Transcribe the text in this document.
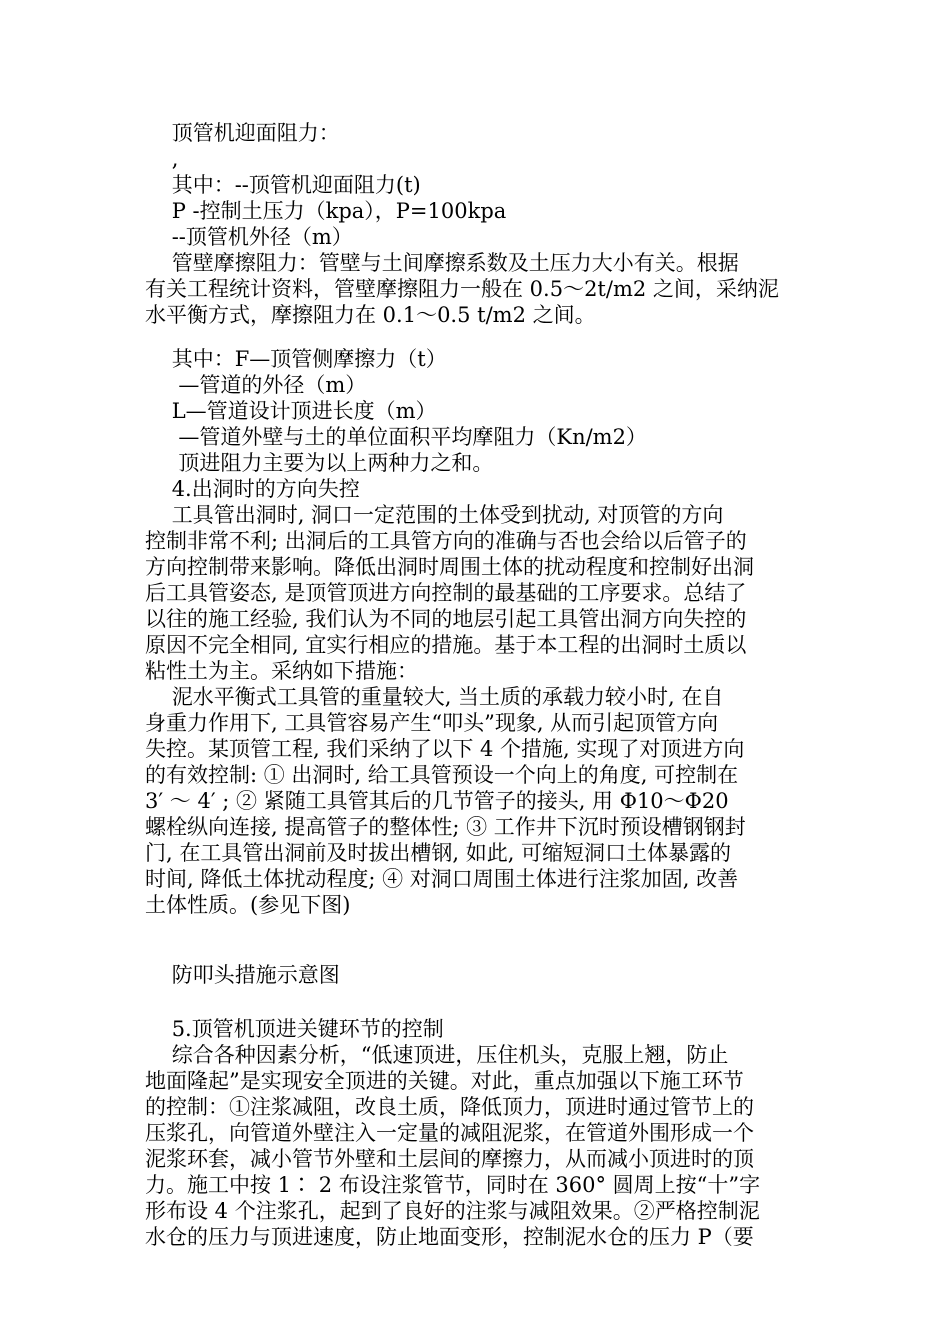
顶管机迎面阻力：
,
其中：--顶管机迎面阻力(t)
P -控制土压力（kpa），P=100kpa
--顶管机外径（m）
管壁摩擦阻力：管壁与土间摩擦系数及土压力大小有关。根据
有关工程统计资料，管壁摩擦阻力一般在 0.5～2t/m2 之间，采纳泥
水平衡方式，摩擦阻力在 0.1～0.5 t/m2 之间。
其中：F—顶管侧摩擦力（t）
—管道的外径（m）
L—管道设计顶进长度（m）
—管道外壁与土的单位面积平均摩阻力（Kn/m2）
顶进阻力主要为以上两种力之和。
4.出洞时的方向失控
工具管出洞时, 洞口一定范围的土体受到扰动, 对顶管的方向
控制非常不利; 出洞后的工具管方向的准确与否也会给以后管子的
方向控制带来影响。降低出洞时周围土体的扰动程度和控制好出洞
后工具管姿态, 是顶管顶进方向控制的最基础的工序要求。总结了
以往的施工经验, 我们认为不同的地层引起工具管出洞方向失控的
原因不完全相同, 宜实行相应的措施。基于本工程的出洞时土质以
粘性土为主。采纳如下措施：
泥水平衡式工具管的重量较大, 当土质的承载力较小时, 在自
身重力作用下, 工具管容易产生“叩头”现象, 从而引起顶管方向
失控。某顶管工程, 我们采纳了以下 4 个措施, 实现了对顶进方向
的有效控制: ① 出洞时, 给工具管预设一个向上的角度, 可控制在
3′ ～ 4′ ; ② 紧随工具管其后的几节管子的接头, 用 Φ10～Φ20
螺栓纵向连接, 提高管子的整体性; ③ 工作井下沉时预设槽钢钢封
门, 在工具管出洞前及时拔出槽钢, 如此, 可缩短洞口土体暴露的
时间, 降低土体扰动程度; ④ 对洞口周围土体进行注浆加固, 改善
土体性质。(参见下图)
防叩头措施示意图
5.顶管机顶进关键环节的控制
综合各种因素分析，“低速顶进，压住机头，克服上翘，防止
地面隆起”是实现安全顶进的关键。对此，重点加强以下施工环节
的控制：①注浆减阻，改良土质，降低顶力，顶进时通过管节上的
压浆孔，向管道外壁注入一定量的减阻泥浆，在管道外围形成一个
泥浆环套，减小管节外壁和土层间的摩擦力，从而减小顶进时的顶
力。施工中按 1∶ 2 布设注浆管节，同时在 360° 圆周上按“十”字
形布设 4 个注浆孔，起到了良好的注浆与减阻效果。②严格控制泥
水仓的压力与顶进速度，防止地面变形，控制泥水仓的压力 P（要
